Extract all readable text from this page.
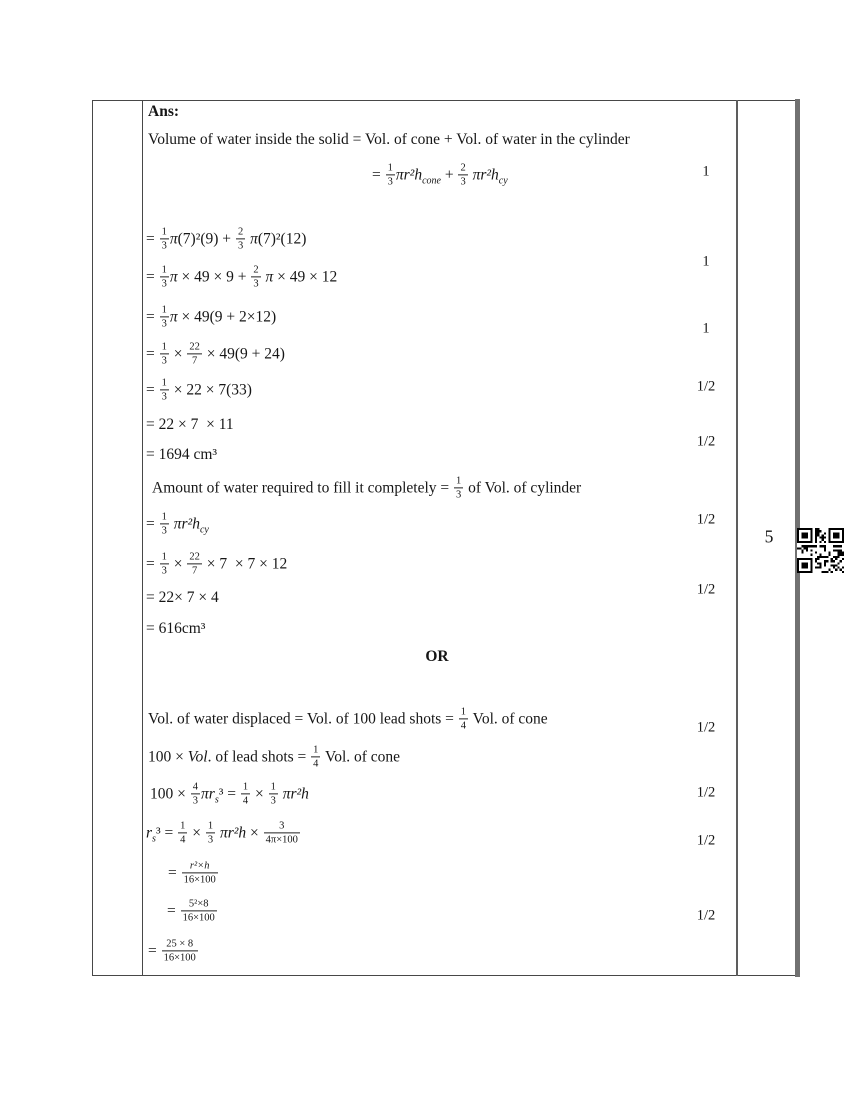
Ans:
Volume of water inside the solid = Vol. of cone + Vol. of water in the cylinder
= $\frac{1}{3} \pi r^2h_{cone} + \frac{2}{3} \pi r^2h_{cy}$
= $\frac{1}{3} \pi(7)^2(9) + \frac{2}{3} \pi(7)^2(12)$
= $\frac{1}{3}$ $\pi \times 49 \times 9 + \frac{2}{3}$ π × 49 × 12
= $\frac{1}{3}$ π × 49(9 + 2×12)
= $\frac{1}{3} \times \frac{22}{7} \times 49(9 + 24)$
= $\frac{1}{3} \times 22 \times 7(33)$
= 22 × 7  × 11
= 1694 cm³
Amount of water required to fill it completely = $\frac{1}{3}$ of Vol. of cylinder
= $\frac{1}{3} \pi r^2h_{cy}$
= $\frac{1}{3} \times \frac{22}{7} \times 7 \times 7 \times 12$
= 22× 7 × 4
= 616cm³
OR
Vol. of water displaced = Vol. of 100 lead shots = $\frac{1}{4}$ Vol. of cone
100 × Vol. of lead shots = $\frac{1}{4}$ Vol. of cone
$100 \times \frac{4}{3} \pi r_s^3 = \frac{1}{4} \times \frac{1}{3} \pi r^2h$
$r_s^3 = \frac{1}{4} \times \frac{1}{3} \pi r^2h \times \frac{3}{4\pi\times 100}$
= $\frac{\text{r²×h}}{16\times 100}$
= $\frac{\text{5²×8}}{16\times 100}$
= $\frac{25 \times 8}{16\times 100}$
1
1
1
1/2
1/2
1/2
1/2
1/2
1/2
1/2
1/2
5
